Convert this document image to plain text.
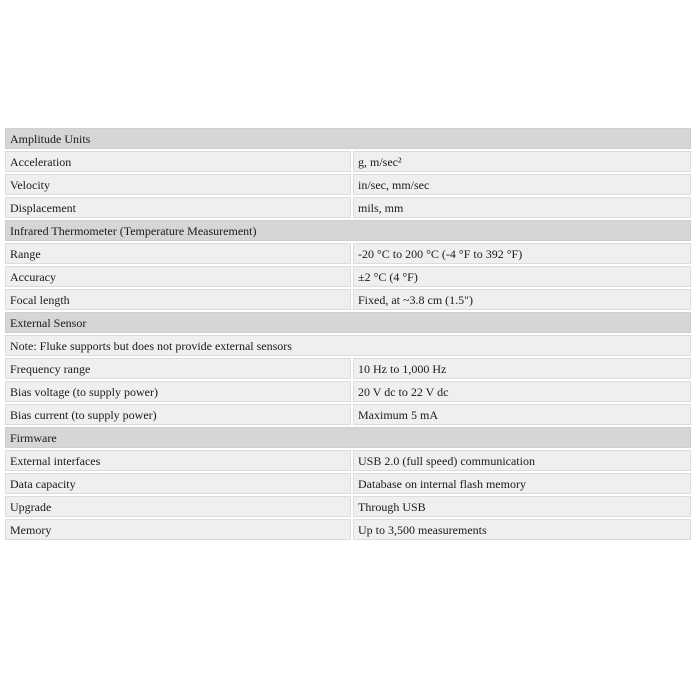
Amplitude Units	
Acceleration	g, m/sec²
Velocity	in/sec, mm/sec
Displacement	mils, mm
Infrared Thermometer (Temperature Measurement)	
Range	-20 °C to 200 °C (-4 °F to 392 °F)
Accuracy	±2 °C (4 °F)
Focal length	Fixed, at ~3.8 cm (1.5")
External Sensor	
Note: Fluke supports but does not provide external sensors	
Frequency range	10 Hz to 1,000 Hz
Bias voltage (to supply power)	20 V dc to 22 V dc
Bias current (to supply power)	Maximum 5 mA
Firmware	
External interfaces	USB 2.0 (full speed) communication
Data capacity	Database on internal flash memory
Upgrade	Through USB
Memory	Up to 3,500 measurements
